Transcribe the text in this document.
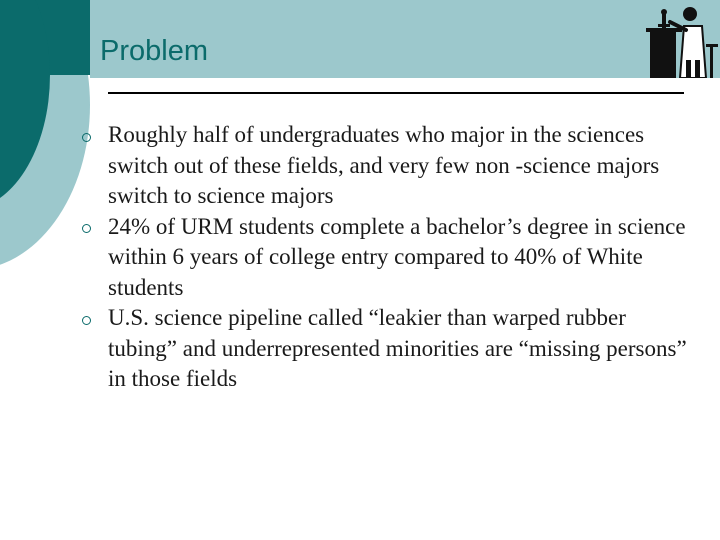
Problem
Roughly half of undergraduates who major in the sciences switch out of these fields, and very few non -science majors switch to science majors
24% of URM students complete a bachelor’s degree in science within 6 years of college entry compared to 40% of White students
U.S. science pipeline called “leakier than warped rubber tubing” and underrepresented minorities are “missing persons” in those fields
